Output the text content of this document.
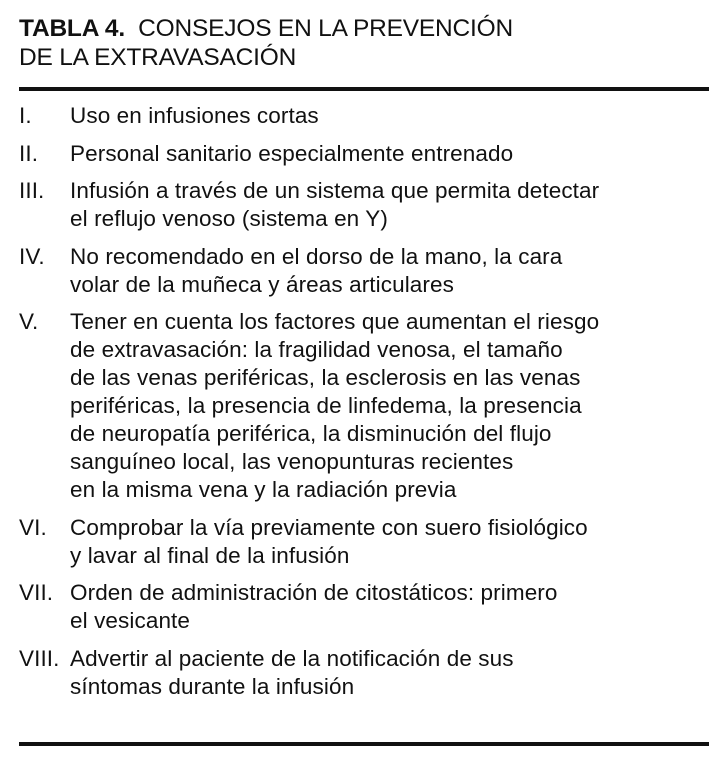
TABLA 4. CONSEJOS EN LA PREVENCIÓN
DE LA EXTRAVASACIÓN
I.	Uso en infusiones cortas
II.	Personal sanitario especialmente entrenado
III.	Infusión a través de un sistema que permita detectar
el reflujo venoso (sistema en Y)
IV.	No recomendado en el dorso de la mano, la cara
volar de la muñeca y áreas articulares
V.	Tener en cuenta los factores que aumentan el riesgo
de extravasación: la fragilidad venosa, el tamaño
de las venas periféricas, la esclerosis en las venas
periféricas, la presencia de linfedema, la presencia
de neuropatía periférica, la disminución del flujo
sanguíneo local, las venopunturas recientes
en la misma vena y la radiación previa
VI.	Comprobar la vía previamente con suero fisiológico
y lavar al final de la infusión
VII. Orden de administración de citostáticos: primero
el vesicante
VIII. Advertir al paciente de la notificación de sus
síntomas durante la infusión
